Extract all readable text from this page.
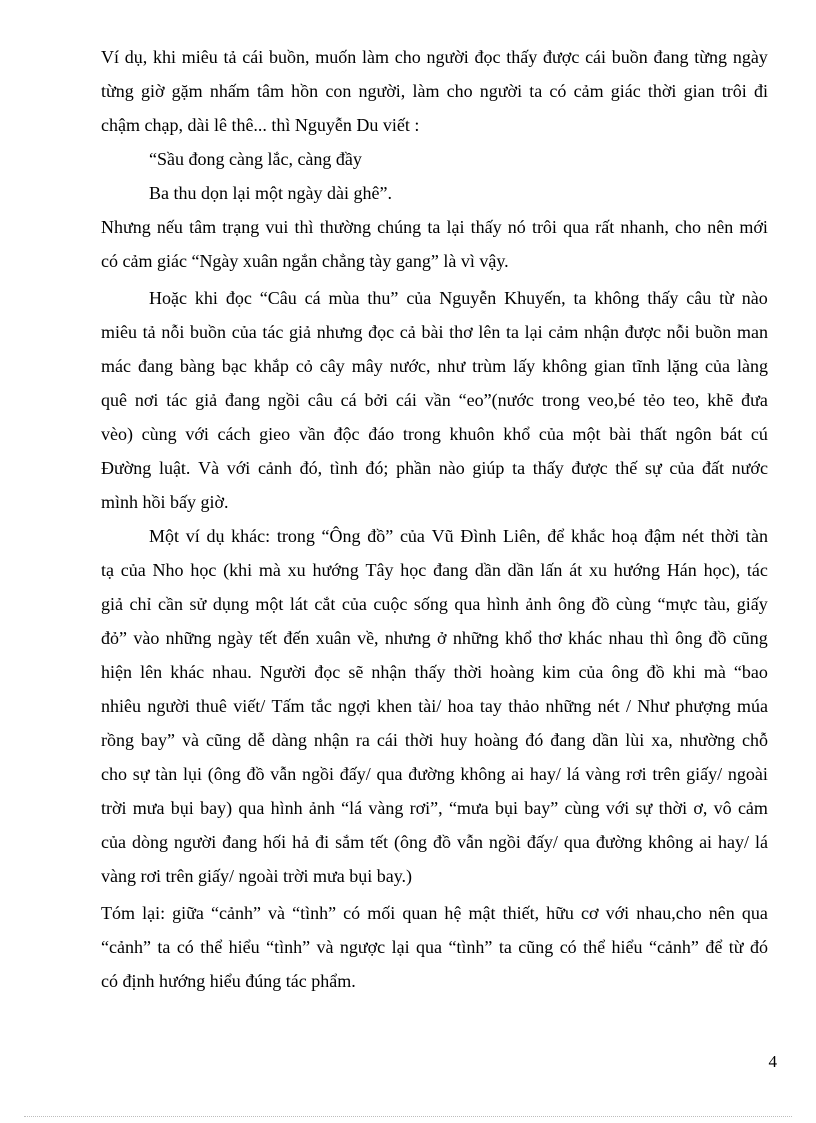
Ví dụ, khi miêu tả cái buồn, muốn làm cho người đọc thấy được cái buồn đang từng ngày
từng giờ gặm nhấm tâm hồn con người, làm cho người ta có cảm giác thời gian trôi đi
chậm chạp, dài lê thê... thì Nguyễn Du viết :
“Sầu đong càng lắc, càng đầy
Ba thu dọn lại một ngày dài ghê”.
Nhưng nếu tâm trạng vui thì thường chúng ta lại thấy nó trôi qua rất nhanh, cho nên mới
có cảm giác “Ngày xuân ngắn chẳng tày gang” là vì vậy.
Hoặc khi đọc “Câu cá mùa thu” của Nguyễn Khuyến, ta không thấy câu từ nào
miêu tả nỗi buồn của tác giả nhưng đọc cả bài thơ lên ta lại cảm nhận được nỗi buồn man
mác đang bàng bạc khắp cỏ cây mây nước, như trùm lấy không gian tĩnh lặng của làng
quê nơi tác giả đang ngồi câu cá bởi cái vần “eo”(nước trong veo,bé tẻo teo, khẽ đưa
vèo) cùng với cách gieo vần độc đáo trong khuôn khổ của một bài thất ngôn bát cú
Đường luật. Và với cảnh đó, tình đó; phần nào giúp ta thấy được thế sự của đất nước
mình hồi bấy giờ.
Một ví dụ khác: trong “Ông đồ” của Vũ Đình Liên, để khắc hoạ đậm nét thời tàn
tạ của Nho học (khi mà xu hướng Tây học đang dần dần lấn át xu hướng Hán học), tác
giả chỉ cần sử dụng một lát cắt của cuộc sống qua hình ảnh ông đồ cùng “mực tàu, giấy
đỏ” vào những ngày tết đến xuân về, nhưng ở những khổ thơ khác nhau thì ông đồ cũng
hiện lên khác nhau. Người đọc sẽ nhận thấy thời hoàng kim của ông đồ khi mà “bao
nhiêu người thuê viết/ Tấm tắc ngợi khen tài/ hoa tay thảo những nét / Như phượng múa
rồng bay” và cũng dễ dàng nhận ra cái thời huy hoàng đó đang dần lùi xa, nhường chỗ
cho sự tàn lụi (ông đồ vẫn ngồi đấy/ qua đường không ai hay/ lá vàng rơi trên giấy/ ngoài
trời mưa bụi bay) qua hình ảnh “lá vàng rơi”, “mưa bụi bay” cùng với sự thời ơ, vô cảm
của dòng người đang hối hả đi sắm tết (ông đồ vẫn ngồi đấy/ qua đường không ai hay/ lá
vàng rơi trên giấy/ ngoài trời mưa bụi bay.)
Tóm lại: giữa “cảnh” và “tình” có mối quan hệ mật thiết, hữu cơ với nhau,cho nên qua
“cảnh” ta có thể hiểu “tình” và ngược lại qua “tình” ta cũng có thể hiểu “cảnh” để từ đó
có định hướng hiểu đúng tác phẩm.
4
